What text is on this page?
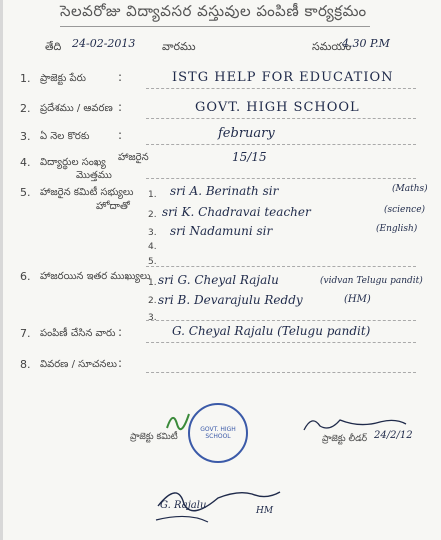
సెలవరోజు విద్యావసర వస్తువుల పంపిణీ కార్యక్రమం
తేది 24-02-2013 వారము	సమయం
4.30 P.M
1. ప్రాజెక్టు పేరు	:	ISTG HELP FOR EDUCATION
2. ప్రదేశము / ఆవరణ :	GOVT. HIGH SCHOOL
3. ఏ నెల కొరకు :	february
4. విద్యార్థుల సంఖ్య హాజరైన
మొత్తము
15/15
5. హాజరైన కమిటీ సభ్యులు
హోదాతో
1. sri A. Berinath sir	(Maths)
2. sri K. Chadravai teacher	(science)
3. sri Nadamuni sir	(English)
4.
5.
6. హాజరయిన ఇతర ముఖ్యులు
1. sri G. Cheyal Rajalu	(vidvan Telugu pandit)
2. sri B. Devarajulu Reddy	(HM)
3.
7. పంపిణీ చేసిన వారు :	G. Cheyal Rajalu (Telugu pandit)
8. వివరణ / సూచనలు :
ప్రాజెక్టు కమిటీ
GOVT. HIGH SCHOOL	ప్రాజెక్టు లీడర్ 24/2/12
G. Rajalu	HM
